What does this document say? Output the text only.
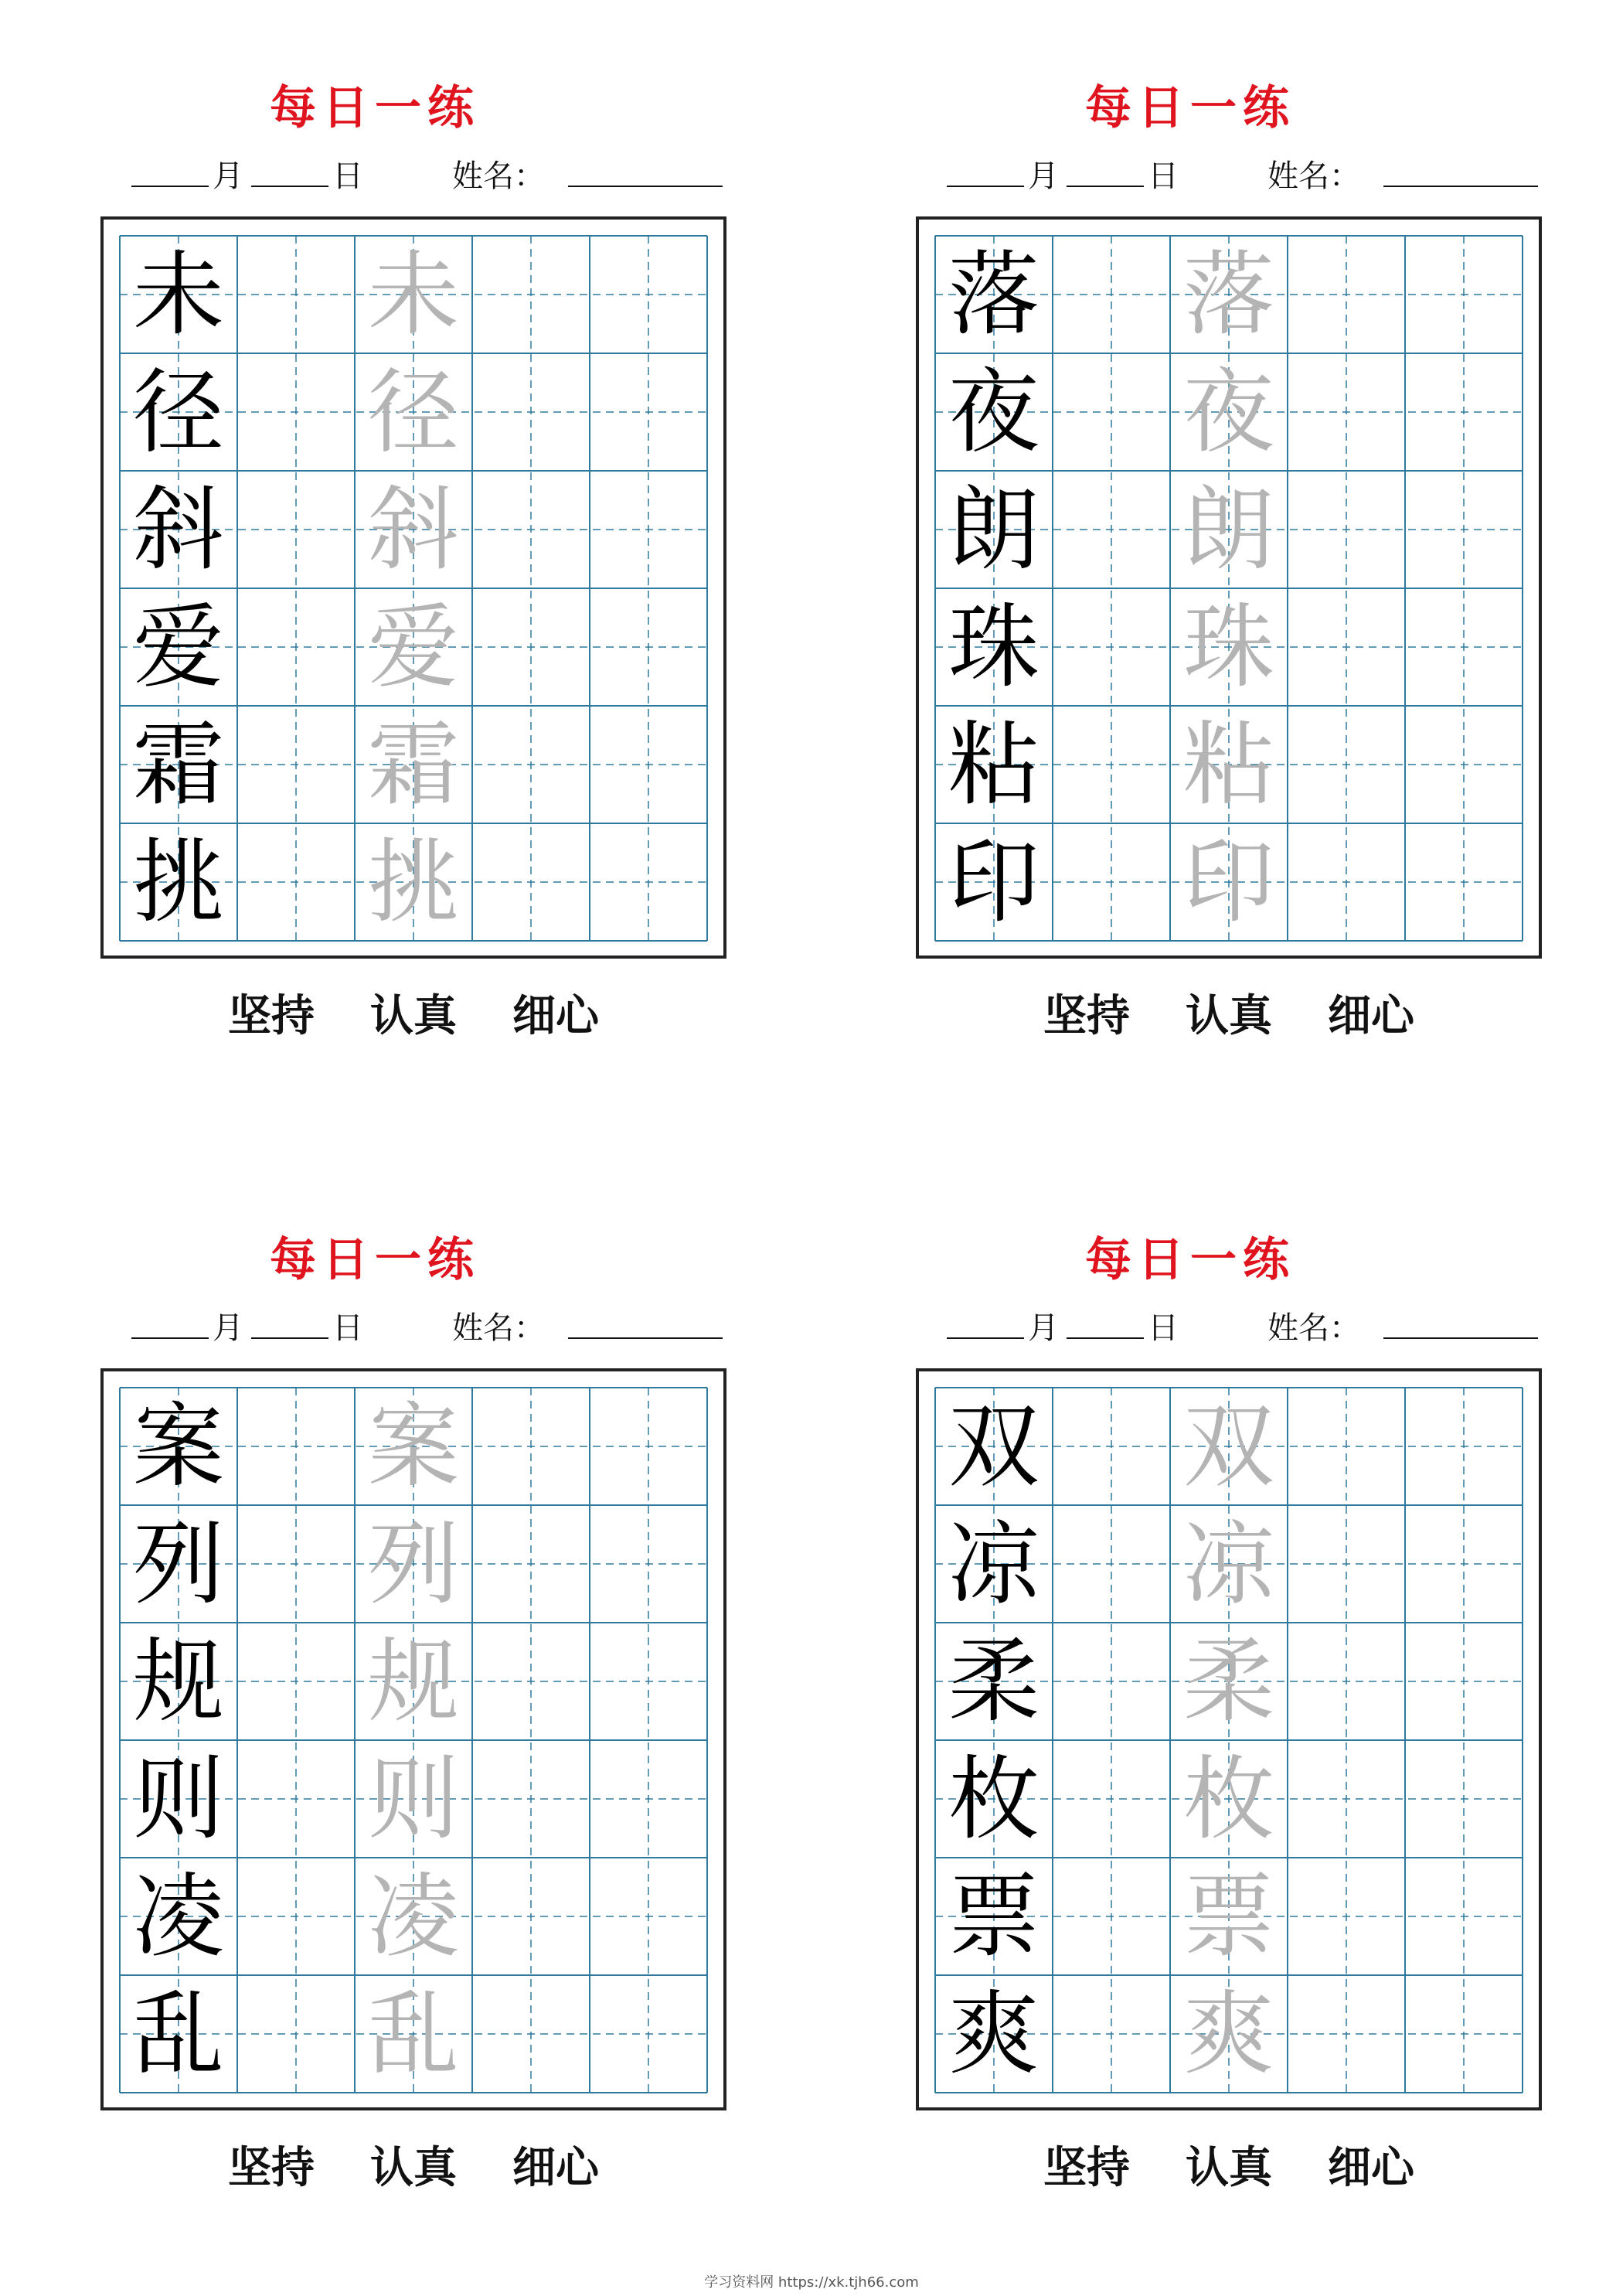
每日一练
月	日	姓名：
未 未
径 径
斜 斜
爱 爱
霜 霜
挑 挑
坚持 认真 细心
每日一练
月	日	姓名：
落 落
夜 夜
朗 朗
珠 珠
粘 粘
印 印
坚持 认真 细心
每日一练
月	日	姓名：
案 案
列 列
规 规
则 则
凌 凌
乱 乱
坚持 认真 细心
每日一练
月	日	姓名：
双 双
凉 凉
柔 柔
枚 枚
票 票
爽 爽
坚持 认真 细心
学习资料网 https://xk.tjh66.com
